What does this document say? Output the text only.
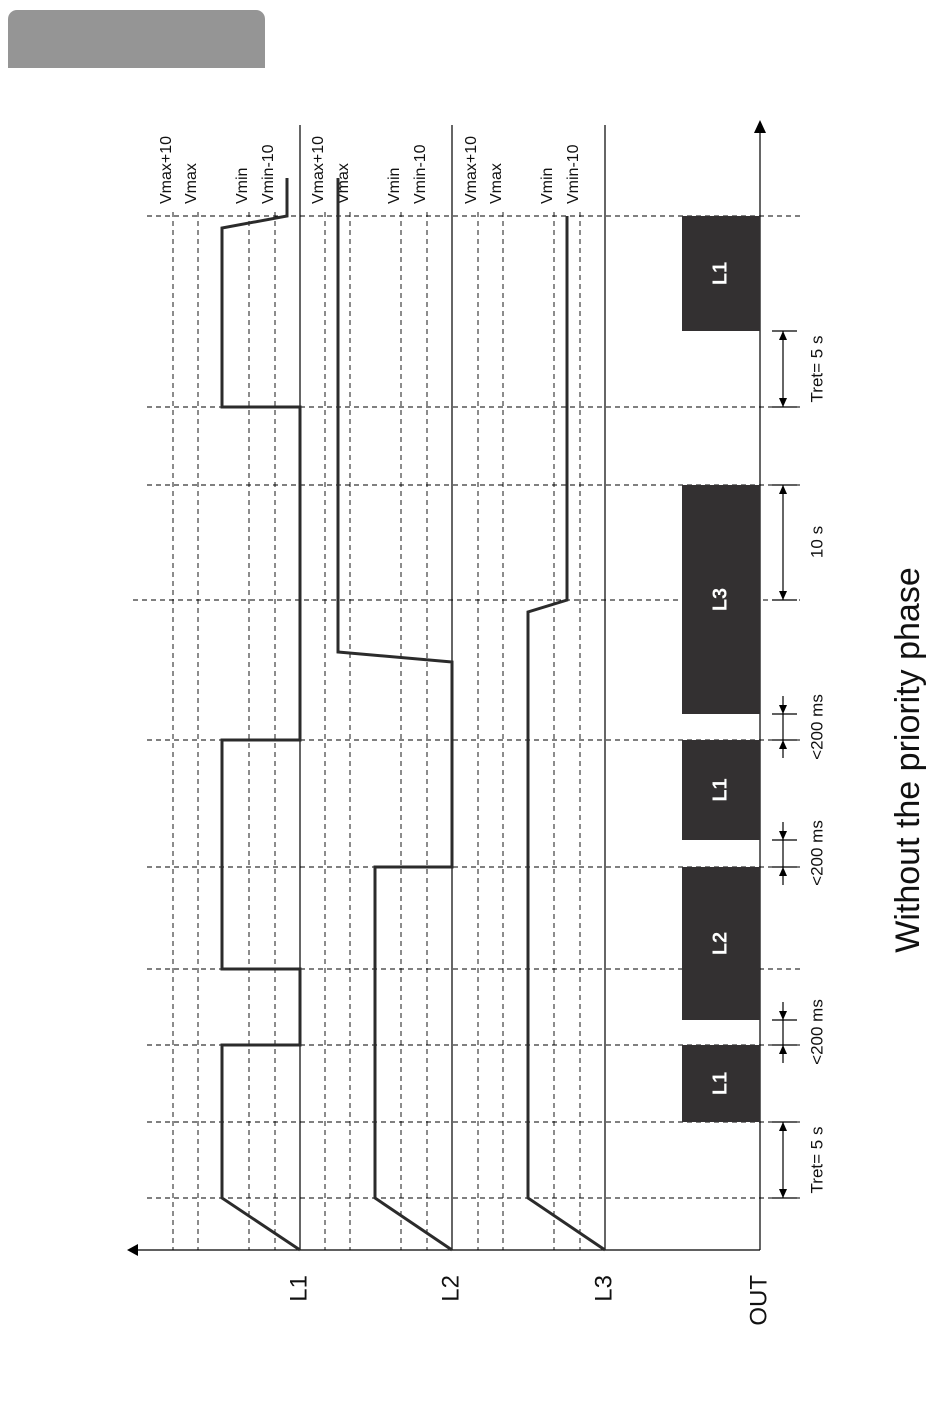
Vmax+10 Vmax Vmin Vmin-10 Vmax+10 Vmax Vmin Vmin-10 Vmax+10 Vmax Vmin Vmin-10
L1
L2
L1
L3
L1
Tret= 5 s
<200 ms
<200 ms
<200 ms
10 s
Tret= 5 s
L1	L2	L3	OUT
Without the priority phase
